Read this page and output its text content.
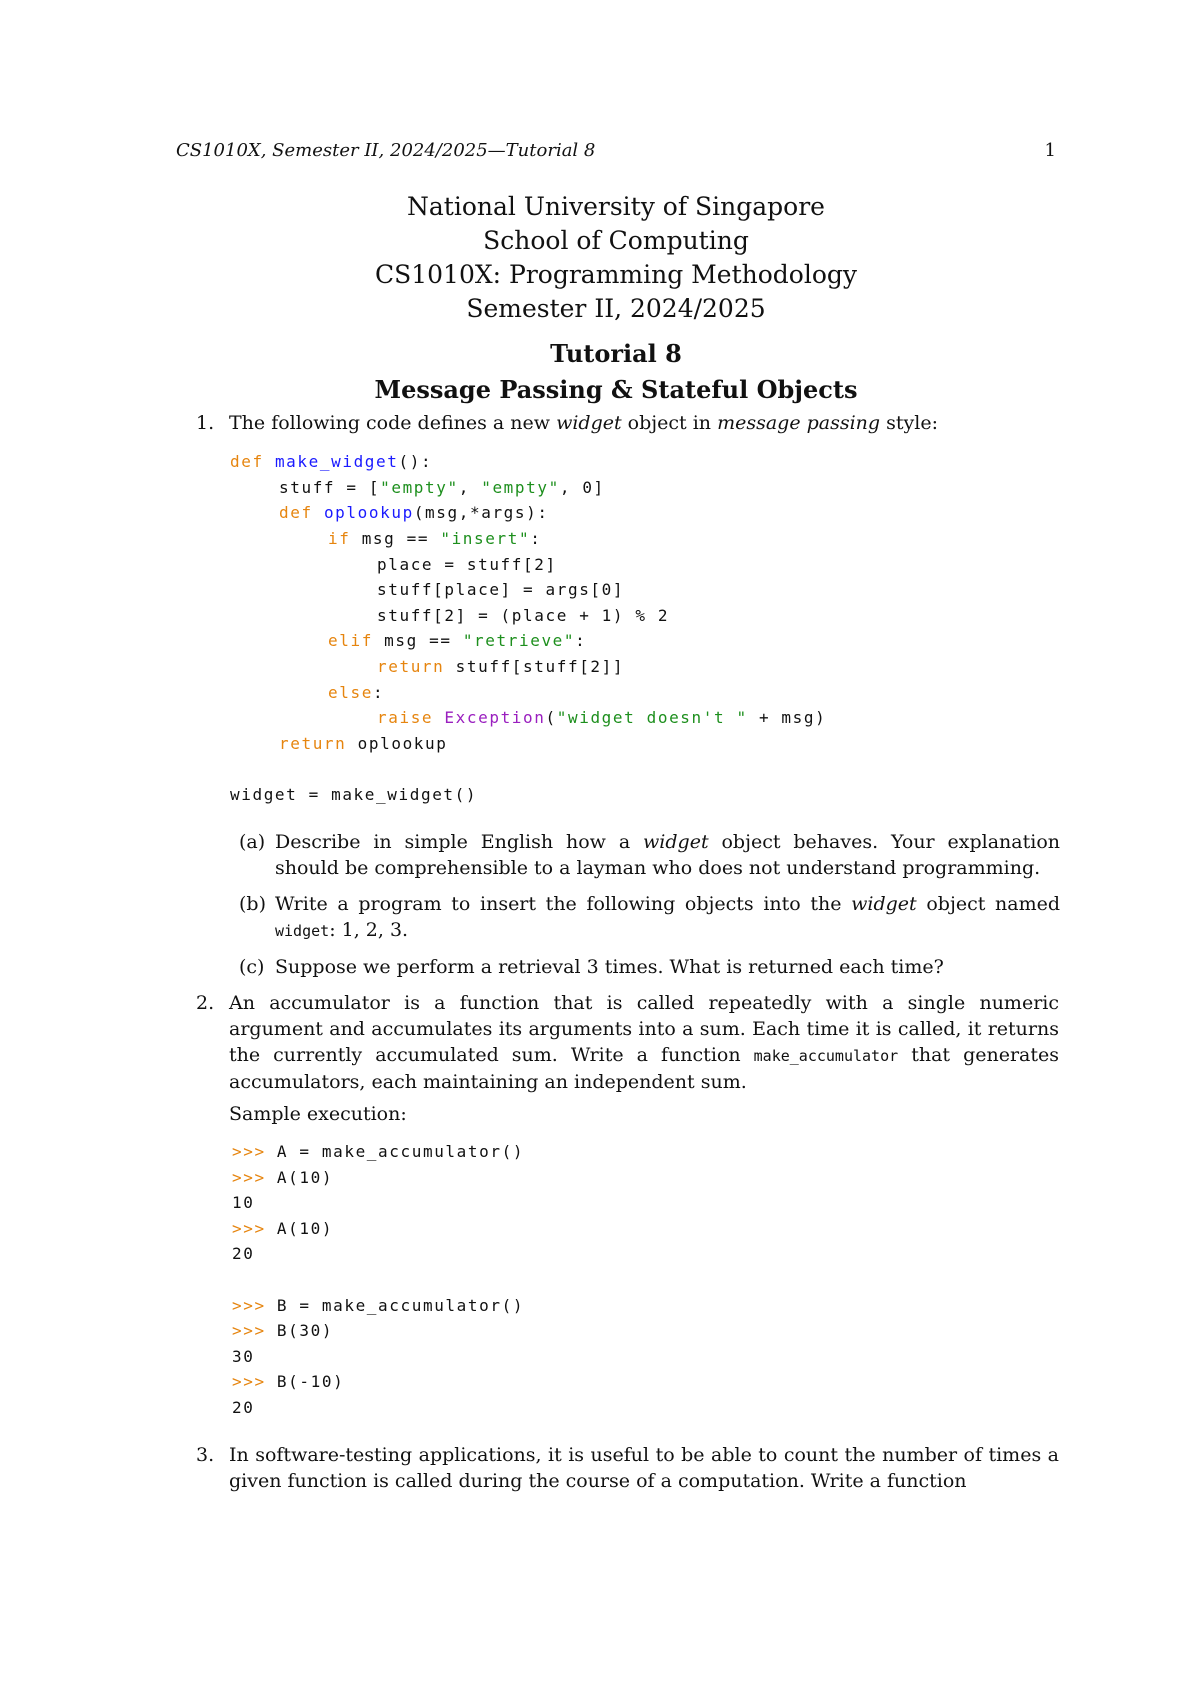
CS1010X, Semester II, 2024/2025—Tutorial 8	1
National University of Singapore
School of Computing
CS1010X: Programming Methodology
Semester II, 2024/2025
Tutorial 8
Message Passing & Stateful Objects
1. The following code defines a new widget object in message passing style:
def make_widget():
stuff = ["empty", "empty", 0]
def oplookup(msg,*args):
if msg == "insert":
place = stuff[2]
stuff[place] = args[0]
stuff[2] = (place + 1) % 2
elif msg == "retrieve":
return stuff[stuff[2]]
else:
raise Exception("widget doesn't " + msg)
return oplookup
widget = make_widget()
(a) Describe in simple English how a widget object behaves. Your explanation should be comprehensible to a layman who does not understand programming.
(b) Write a program to insert the following objects into the widget object named widget: 1, 2, 3.
(c) Suppose we perform a retrieval 3 times. What is returned each time?
2. An accumulator is a function that is called repeatedly with a single numeric argument and accumulates its arguments into a sum. Each time it is called, it returns the currently accumulated sum. Write a function make_accumulator that generates accumulators, each maintaining an independent sum.
Sample execution:
>>> A = make_accumulator()
>>> A(10)
10
>>> A(10)
20
>>> B = make_accumulator()
>>> B(30)
30
>>> B(-10)
20
3. In software-testing applications, it is useful to be able to count the number of times a given function is called during the course of a computation. Write a function
